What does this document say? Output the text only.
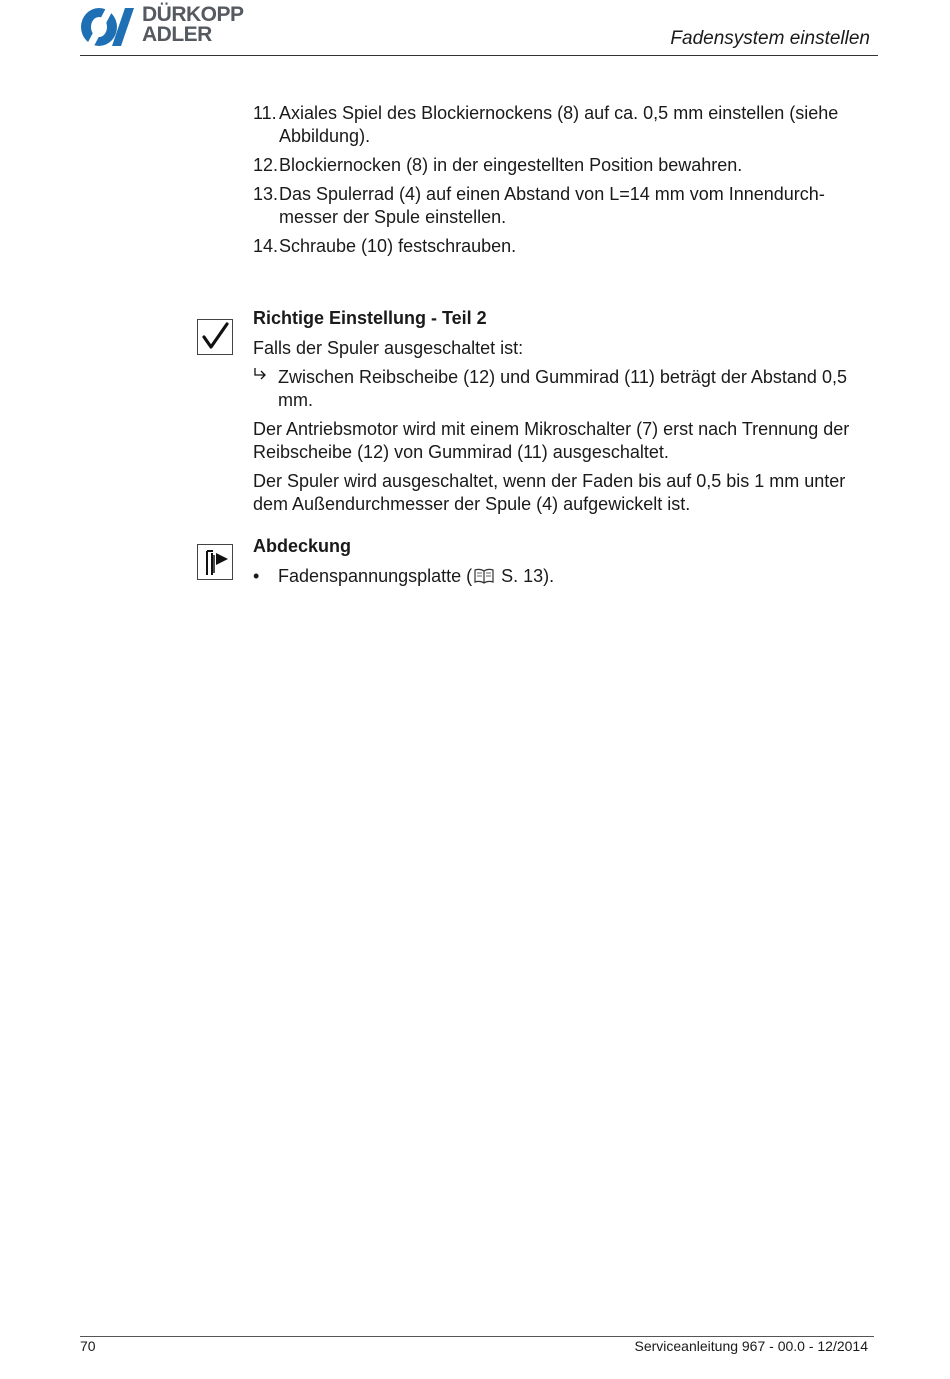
DÜRKOPP
ADLER	Fadensystem einstellen
11. Axiales Spiel des Blockiernockens (8) auf ca. 0,5 mm einstellen (siehe Abbildung).
12. Blockiernocken (8) in der eingestellten Position bewahren.
13. Das Spulerrad (4) auf einen Abstand von L=14 mm vom Innendurch-messer der Spule einstellen.
14. Schraube (10) festschrauben.
Richtige Einstellung - Teil 2
Falls der Spuler ausgeschaltet ist:
Zwischen Reibscheibe (12) und Gummirad (11) beträgt der Abstand 0,5 mm.
Der Antriebsmotor wird mit einem Mikroschalter (7) erst nach Trennung der Reibscheibe (12) von Gummirad (11) ausgeschaltet.
Der Spuler wird ausgeschaltet, wenn der Faden bis auf 0,5 bis 1 mm unter dem Außendurchmesser der Spule (4) aufgewickelt ist.
Abdeckung
•	Fadenspannungsplatte ( S. 13).
70	Serviceanleitung 967 - 00.0 - 12/2014
